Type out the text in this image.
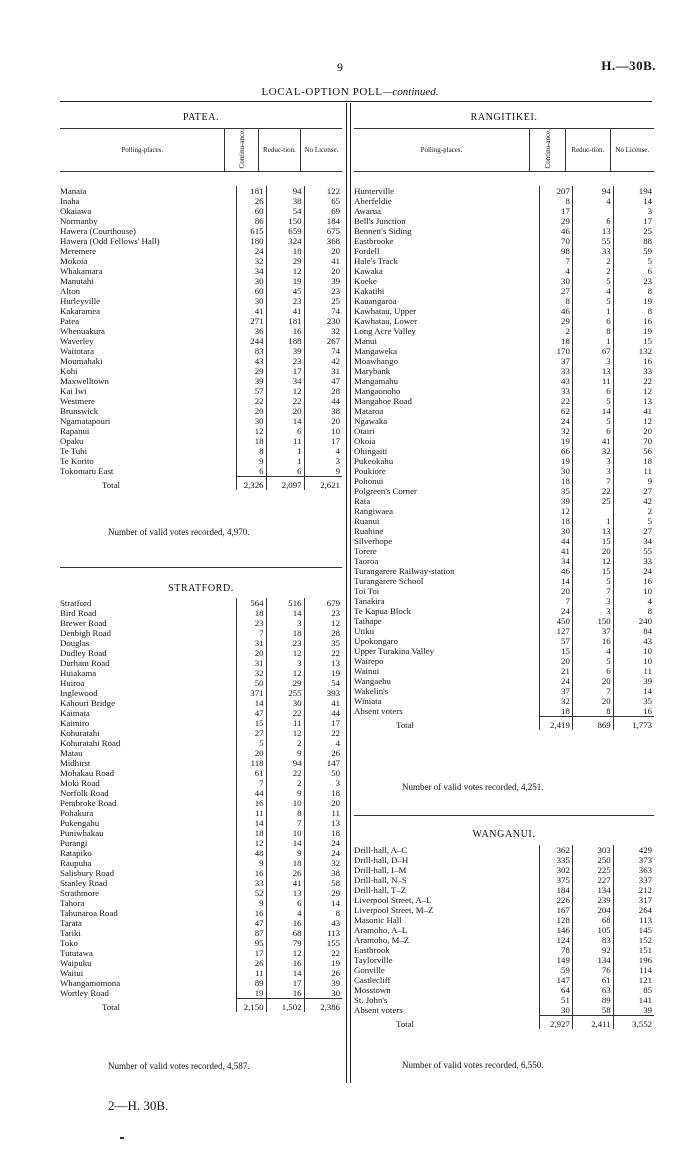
9	H.—30B.
LOCAL-OPTION POLL—continued.
PATEA.
Polling-places.	Continu-ance.	Reduc-tion.	No License.
Manaia	181	94	122
Inaha	26	38	65
Okaiawa	60	54	69
Normanby	86	150	184
Hawera (Courthouse)	615	659	675
Hawera (Odd Fellows' Hall)	180	324	368
Meremere	24	18	20
Mokoia	32	29	41
Whakamara	34	12	20
Manutahi	30	19	39
Alton	60	45	23
Hurleyville	30	23	25
Kakaramea	41	41	74
Patea	271	181	230
Whenuakura	36	16	32
Waverley	244	188	267
Waitotara	83	39	74
Moumahaki	43	23	42
Kohi	29	17	31
Maxwelltown	39	34	47
Kai Iwi	57	12	28
Westmere	22	22	44
Brunswick	20	20	38
Ngamatapouri	30	14	20
Rapanui	12	6	10
Opaku	18	11	17
Te Tuhi	8	1	4
Te Korito	9	1	3
Tokomaru East	6	6	9
Total	2,326	2,097	2,621
Number of valid votes recorded, 4,970.
STRATFORD.
Stratford	564	516	679
Bird Road	18	14	23
Brewer Road	23	3	12
Denbigh Road	7	18	28
Douglas	31	23	35
Dudley Road	20	12	22
Durham Road	31	3	13
Huiakama	32	12	19
Huiroa	50	29	54
Inglewood	371	255	393
Kahouri Bridge	14	30	41
Kaimata	47	22	44
Kaimiro	15	11	17
Kohuratahi	27	12	22
Kohuratahi Road	5	2	4
Matau	20	9	26
Midhirst	118	94	147
Mohakau Road	61	22	50
Moki Road	7	2	3
Norfolk Road	44	9	18
Pembroke Road	16	10	20
Pohakura	11	8	11
Pukengahu	14	7	13
Puniwhakau	18	10	18
Purangi	12	14	24
Ratapiko	48	9	24
Raupuha	9	18	32
Salisbury Road	16	26	38
Stanley Road	33	41	58
Strathmore	52	13	29
Tahora	9	6	14
Tahunaroa Road	16	4	8
Tarata	47	16	43
Tariki	87	68	113
Toko	95	79	155
Tututawa	17	12	22
Waipuku	26	16	19
Waitui	11	14	26
Whangamomona	89	17	39
Wortley Road	19	16	30
Total	2,150	1,502	2,386
Number of valid votes recorded, 4,587.
RANGITIKEI.
Polling-places.	Continu-ance.	Reduc-tion.	No License.
Hunterville	207	94	194
Aberfeldie	8	4	14
Awarua	17		3
Bell's Junction	29	6	17
Bennett's Siding	46	13	25
Eastbrooke	70	55	88
Fordell	98	33	59
Hale's Track	7	2	5
Kawaka	4	2	6
Koeke	30	5	23
Kakatihi	27	4	8
Kauangaroa	8	5	19
Kawhatau, Upper	46	1	8
Kawhatau, Lower	29	6	16
Long Acre Valley	2	8	19
Manui	18	1	15
Mangaweka	170	67	132
Moawhango	37	3	16
Marybank	33	13	33
Mangamahu	43	11	22
Mangaonoho	33	6	12
Mangahoe Road	22	5	13
Mataroa	62	14	41
Ngawaka	24	5	12
Otairi	32	6	20
Okoia	19	41	70
Ohingaiti	66	32	56
Pukeokahu	19	3	18
Poukiore	30	3	11
Pohonui	18	7	9
Polgreen's Corner	35	22	27
Rata	39	25	42
Rangiwaea	12		2
Ruanui	18	1	5
Ruahine	30	13	27
Silverhope	44	15	34
Torere	41	20	55
Taoroa	34	12	33
Turangarere Railway-station	46	15	24
Turangarere School	14	5	16
Toi Toi	20	7	10
Tanakira	7	3	4
Te Kapua Block	24	3	8
Taihape	450	150	240
Utiku	127	37	84
Upokongaro	57	16	43
Upper Turakina Valley	15	4	10
Wairepo	20	5	10
Wainui	21	6	11
Wangaehu	24	20	39
Wakelin's	37	7	14
Winiata	32	20	35
Absent voters	18	8	16
Total	2,419	869	1,773
Number of valid votes recorded, 4,251.
WANGANUI.
Drill-hall, A–C	362	303	429
Drill-hall, D–H	335	250	373
Drill-hall, I–M	302	225	363
Drill-hall, N–S	375	227	337
Drill-hall, T–Z	184	134	212
Liverpool Street, A–L	226	239	317
Liverpool Street, M–Z	167	204	264
Masonic Hall	128	68	113
Aramoho, A–L	146	105	145
Aramoho, M–Z	124	83	152
Eastbrook	78	92	151
Taylorville	149	134	196
Gonville	59	76	114
Castlecliff	147	61	121
Mosstown	64	63	85
St. John's	51	89	141
Absent voters	30	58	39
Total	2,927	2,411	3,552
Number of valid votes recorded, 6,550.
2—H. 30B.
